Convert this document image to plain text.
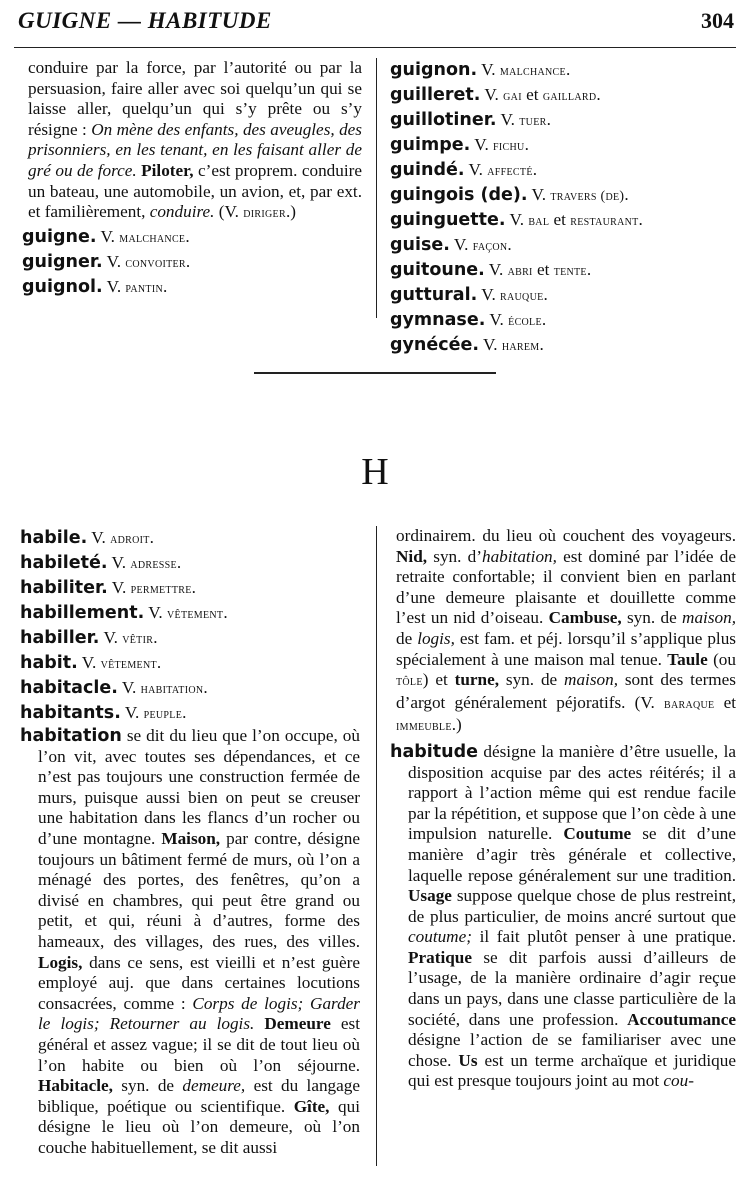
GUIGNE — HABITUDE	304

conduire par la force, par l’autorité ou par la persuasion, faire aller avec soi quelqu’un qui se laisse aller, quelqu’un qui s’y prête ou s’y résigne : On mène des enfants, des aveugles, des prisonniers, en les tenant, en les faisant aller de gré ou de force. Piloter, c’est proprem. conduire un bateau, une automobile, un avion, et, par ext. et familièrement, conduire. (V. diriger.)

guigne. V. malchance.

guigner. V. convoiter.

guignol. V. pantin.

guignon. V. malchance.

guilleret. V. gai et gaillard.

guillotiner. V. tuer.

guimpe. V. fichu.

guindé. V. affecté.

guingois (de). V. travers (de).

guinguette. V. bal et restaurant.

guise. V. façon.

guitoune. V. abri et tente.

guttural. V. rauque.

gymnase. V. école.

gynécée. V. harem.

H

habile. V. adroit.

habileté. V. adresse.

habiliter. V. permettre.

habillement. V. vêtement.

habiller. V. vêtir.

habit. V. vêtement.

habitacle. V. habitation.

habitants. V. peuple.

habitation se dit du lieu que l’on occupe, où l’on vit, avec toutes ses dépendances, et ce n’est pas toujours une construction fermée de murs, puisque aussi bien on peut se creuser une habitation dans les flancs d’un rocher ou d’une montagne. Maison, par contre, désigne toujours un bâtiment fermé de murs, où l’on a ménagé des portes, des fenêtres, qu’on a divisé en chambres, qui peut être grand ou petit, et qui, réuni à d’autres, forme des hameaux, des villages, des rues, des villes. Logis, dans ce sens, est vieilli et n’est guère employé auj. que dans certaines locutions consacrées, comme : Corps de logis; Garder le logis; Retourner au logis. Demeure est général et assez vague; il se dit de tout lieu où l’on habite ou bien où l’on séjourne. Habitacle, syn. de demeure, est du langage biblique, poétique ou scientifique. Gîte, qui désigne le lieu où l’on demeure, où l’on couche habituellement, se dit aussi

ordinairem. du lieu où couchent des voyageurs. Nid, syn. d’habitation, est dominé par l’idée de retraite confortable; il convient bien en parlant d’une demeure plaisante et douillette comme l’est un nid d’oiseau. Cambuse, syn. de maison, de logis, est fam. et péj. lorsqu’il s’applique plus spécialement à une maison mal tenue. Taule (ou tôle) et turne, syn. de maison, sont des termes d’argot généralement péjoratifs. (V. baraque et immeuble.)

habitude désigne la manière d’être usuelle, la disposition acquise par des actes réitérés; il a rapport à l’action même qui est rendue facile par la répétition, et suppose que l’on cède à une impulsion naturelle. Coutume se dit d’une manière d’agir très générale et collective, laquelle repose généralement sur une tradition. Usage suppose quelque chose de plus restreint, de plus particulier, de moins ancré surtout que coutume; il fait plutôt penser à une pratique. Pratique se dit parfois aussi d’ailleurs de l’usage, de la manière ordinaire d’agir reçue dans un pays, dans une classe particulière de la société, dans une profession. Accoutumance désigne l’action de se familiariser avec une chose. Us est un terme archaïque et juridique qui est presque toujours joint au mot cou-
